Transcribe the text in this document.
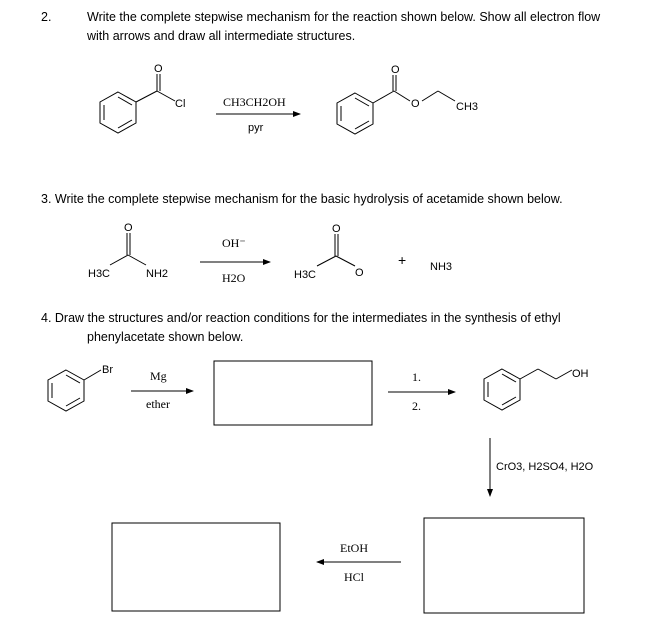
2.	Write the complete stepwise mechanism for the reaction shown below. Show all electron flow
with arrows and draw all intermediate structures.
3. Write the complete stepwise mechanism for the basic hydrolysis of acetamide shown below.
4. Draw the structures and/or reaction conditions for the intermediates in the synthesis of ethyl
phenylacetate shown below.
O
Cl
O
O	CH3
pyr
O
H3C	NH2
O
H3C	O
+ NH3
Br	OH
CrO3, H2SO4, H2O
CH3CH2OH
OH⁻
H2O
Mg
ether
1.
2.
EtOH
HCl
